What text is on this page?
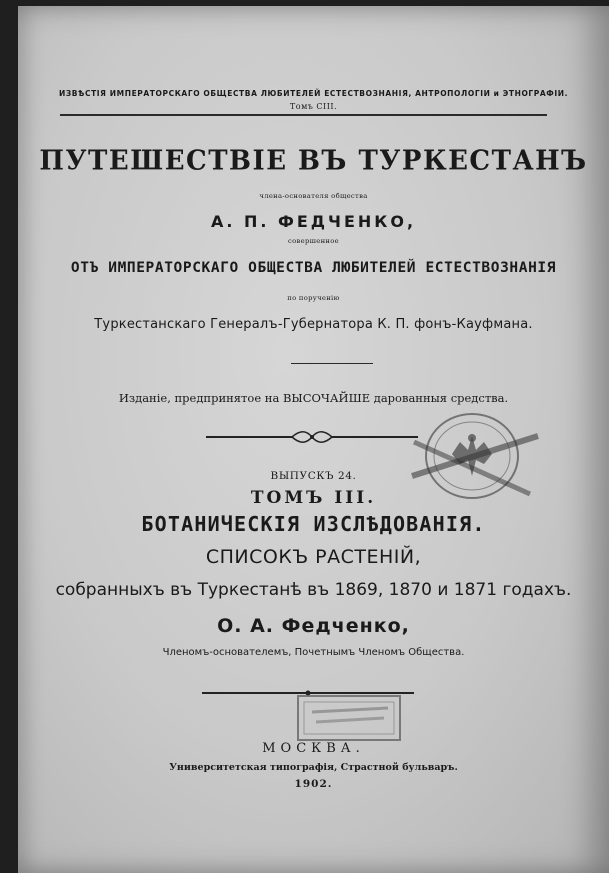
ИЗВѢСТІЯ ИМПЕРАТОРСКАГО ОБЩЕСТВА ЛЮБИТЕЛЕЙ ЕСТЕСТВОЗНАНІЯ, АНТРОПОЛОГІИ и ЭТНОГРАФІИ.
Томъ CIII.
ПУТЕШЕСТВІЕ ВЪ ТУРКЕСТАНЪ
члена-основателя общества
А. П. ФЕДЧЕНКО,
совершенное
ОТЪ ИМПЕРАТОРСКАГО ОБЩЕСТВА ЛЮБИТЕЛЕЙ ЕСТЕСТВОЗНАНІЯ
по порученію
Туркестанскаго Генералъ-Губернатора К. П. фонъ-Кауфмана.
Изданіе, предпринятое на ВЫСОЧАЙШЕ дарованныя средства.
ВЫПУСКЪ 24.
ТОМЪ III.
БОТАНИЧЕСКІЯ ИЗСЛѢДОВАНІЯ.
СПИСОКЪ РАСТЕНІЙ,
собранныхъ въ Туркестанѣ въ 1869, 1870 и 1871 годахъ.
О. А. Федченко,
Членомъ-основателемъ, Почетнымъ Членомъ Общества.
МОСКВА.
Университетская типографія, Страстной бульваръ.
1902.
